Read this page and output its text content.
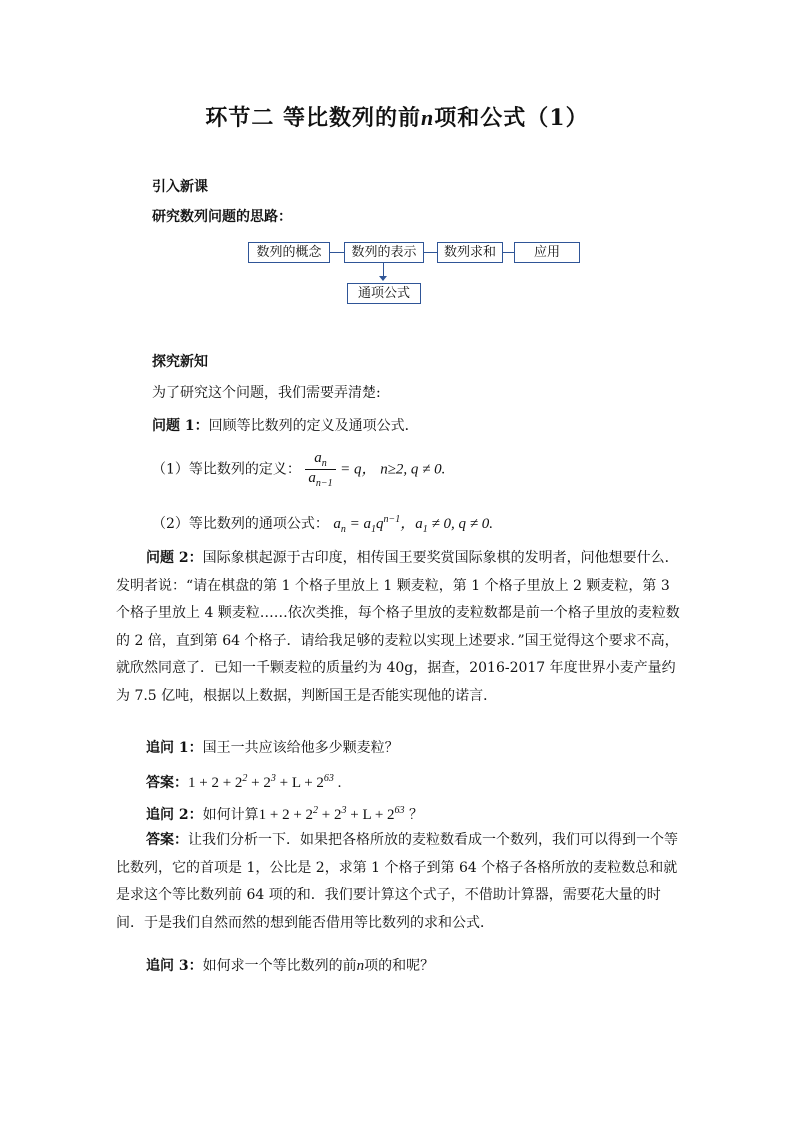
环节二 等比数列的前n项和公式（1）
引入新课
研究数列问题的思路：
数列的概念	数列的表示	数列求和	应用
通项公式
探究新知
为了研究这个问题，我们需要弄清楚:
问题 1：回顾等比数列的定义及通项公式．
（1）等比数列的定义： $\frac{a_n}{a_{n-1}} = q$， n≥2, q ≠ 0.
（2）等比数列的通项公式： $a_n = a_1q^{n-1}$，$a_1 \ne 0$, q ≠ 0.
问题 2：国际象棋起源于古印度，相传国王要奖赏国际象棋的发明者，问他想要什么．发明者说：“请在棋盘的第 1 个格子里放上 1 颗麦粒，第 1 个格子里放上 2 颗麦粒，第 3 个格子里放上 4 颗麦粒……依次类推，每个格子里放的麦粒数都是前一个格子里放的麦粒数的 2 倍，直到第 64 个格子．请给我足够的麦粒以实现上述要求．”国王觉得这个要求不高，就欣然同意了．已知一千颗麦粒的质量约为 40g，据查，2016-2017 年度世界小麦产量约为 7.5 亿吨，根据以上数据，判断国王是否能实现他的诺言．
追问 1：国王一共应该给他多少颗麦粒？
答案：$1 + 2 + 2^2 + 2^3 + L + 2^{63}$ .
追问 2：如何计算$1 + 2 + 2^2 + 2^3 + L + 2^{63}$ ？
答案：让我们分析一下．如果把各格所放的麦粒数看成一个数列，我们可以得到一个等比数列，它的首项是 1，公比是 2，求第 1 个格子到第 64 个格子各格所放的麦粒数总和就是求这个等比数列前 64 项的和．我们要计算这个式子，不借助计算器，需要花大量的时间．于是我们自然而然的想到能否借用等比数列的求和公式．
追问 3：如何求一个等比数列的前n项的和呢？
